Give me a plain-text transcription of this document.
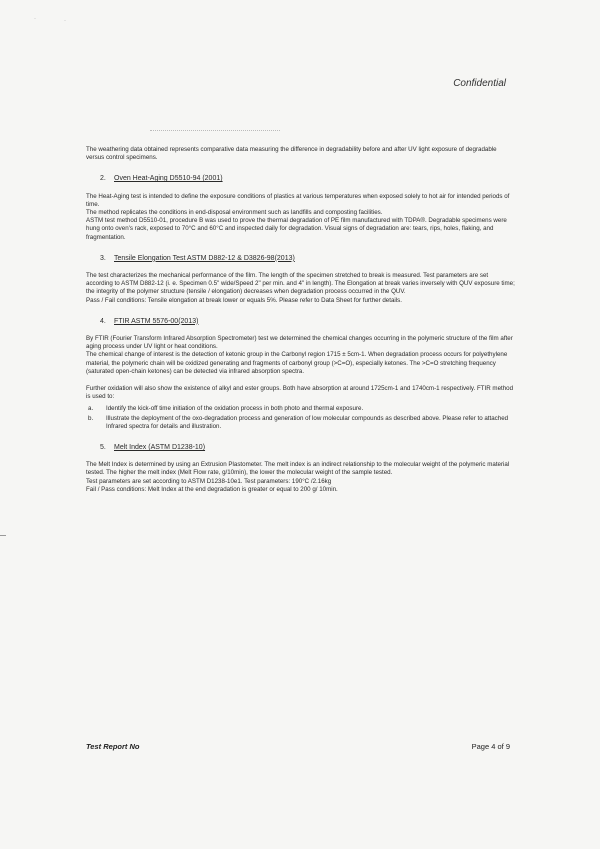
·	·
Confidential

The weathering data obtained represents comparative data measuring the difference in degradability before and after UV light exposure of degradable versus control specimens.

2. Oven Heat-Aging D5510-94 (2001)

The Heat-Aging test is intended to define the exposure conditions of plastics at various temperatures when exposed solely to hot air for intended periods of time.

The method replicates the conditions in end-disposal environment such as landfills and composting facilities.

ASTM test method D5510-01, procedure B was used to prove the thermal degradation of PE film manufactured with TDPA®. Degradable specimens were hung onto oven's rack, exposed to 70°C and 60°C and inspected daily for degradation. Visual signs of degradation are: tears, rips, holes, flaking, and fragmentation.

3. Tensile Elongation Test ASTM D882-12 & D3826-98(2013)

The test characterizes the mechanical performance of the film. The length of the specimen stretched to break is measured. Test parameters are set according to ASTM D882-12 (i. e. Specimen 0.5" wide/Speed 2" per min. and 4" in length). The Elongation at break varies inversely with QUV exposure time; the integrity of the polymer structure (tensile / elongation) decreases when degradation process occurred in the QUV.

Pass / Fail conditions: Tensile elongation at break lower or equals 5%. Please refer to Data Sheet for further details.

4. FTIR ASTM 5576-00(2013)

By FTIR (Fourier Transform Infrared Absorption Spectrometer) test we determined the chemical changes occurring in the polymeric structure of the film after aging process under UV light or heat conditions.

The chemical change of interest is the detection of ketonic group in the Carbonyl region 1715 ± 5cm-1. When degradation process occurs for polyethylene material, the polymeric chain will be oxidized generating and fragments of carbonyl group (>C=O), especially ketones. The >C=O stretching frequency (saturated open-chain ketones) can be detected via infrared absorption spectra.

Further oxidation will also show the existence of alkyl and ester groups. Both have absorption at around 1725cm-1 and 1740cm-1 respectively. FTIR method is used to:

a.	Identify the kick-off time initiation of the oxidation process in both photo and thermal exposure.
b.	Illustrate the deployment of the oxo-degradation process and generation of low molecular compounds as described above. Please refer to attached Infrared spectra for details and illustration.
5. Melt Index (ASTM D1238-10)

The Melt Index is determined by using an Extrusion Plastometer. The melt index is an indirect relationship to the molecular weight of the polymeric material tested. The higher the melt index (Melt Flow rate, g/10min), the lower the molecular weight of the sample tested.

Test parameters are set according to ASTM D1238-10e1. Test parameters: 190°C /2.16kg

Fail / Pass conditions: Melt Index at the end degradation is greater or equal to 200 g/ 10min.

Test Report No	Page 4 of 9
